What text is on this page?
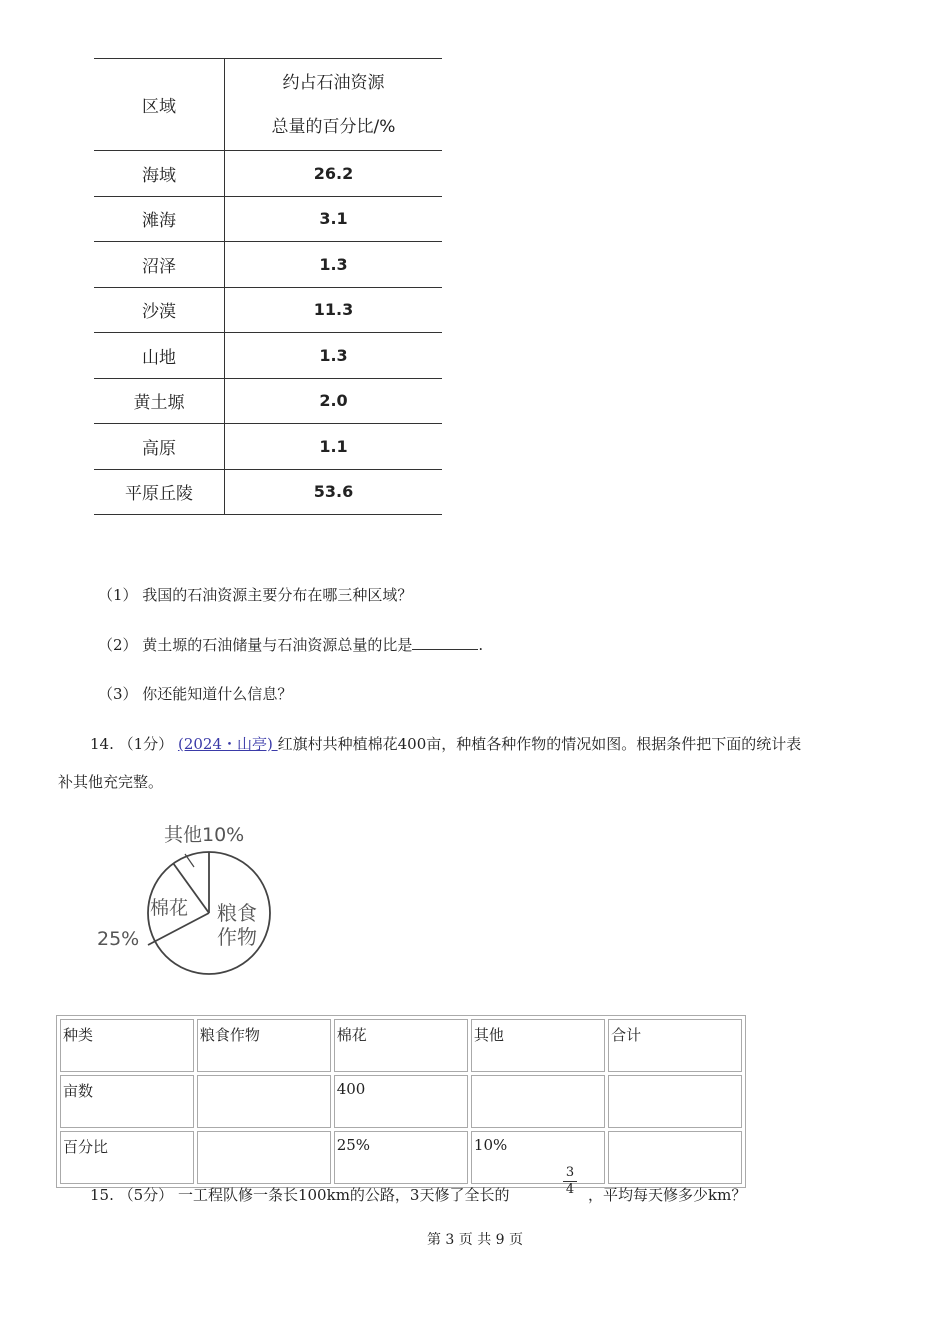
区域	约占石油资源
总量的百分比/%

海域	26.2
滩海	3.1
沼泽	1.3
沙漠	11.3
山地	1.3
黄土塬	2.0
高原	1.1
平原丘陵	53.6
（1） 我国的石油资源主要分布在哪三种区域？
（2） 黄土塬的石油储量与石油资源总量的比是	.
（3） 你还能知道什么信息？
14. （1分） (2024・山亭) 红旗村共种植棉花400亩，种植各种作物的情况如图。根据条件把下面的统计表
补其他充完整。
其他10%
棉花
25%
粮食
作物
种类	粮食作物	棉花	其他	合计
亩数		400		
百分比		25%	10%	
15. （5分） 一工程队修一条长100km的公路，3天修了全长的
3
4 ，平均每天修多少km？
第 3 页 共 9 页
